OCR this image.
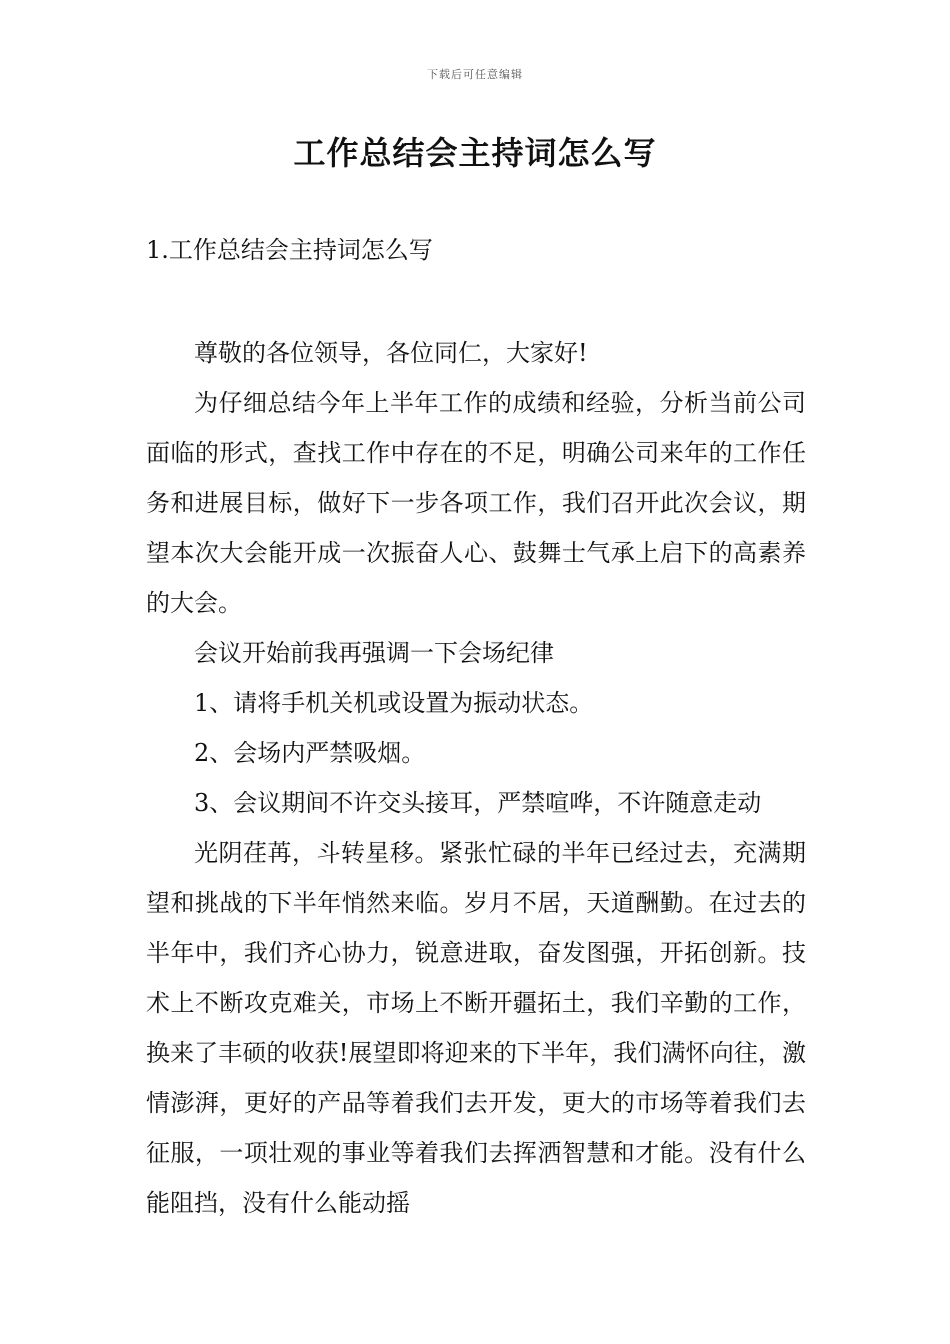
下载后可任意编辑
工作总结会主持词怎么写

1.工作总结会主持词怎么写

尊敬的各位领导，各位同仁，大家好!

为仔细总结今年上半年工作的成绩和经验，分析当前公司面临的形式，查找工作中存在的不足，明确公司来年的工作任务和进展目标，做好下一步各项工作，我们召开此次会议，期望本次大会能开成一次振奋人心、鼓舞士气承上启下的高素养的大会。

会议开始前我再强调一下会场纪律

1、请将手机关机或设置为振动状态。

2、会场内严禁吸烟。

3、会议期间不许交头接耳，严禁喧哗，不许随意走动

光阴荏苒，斗转星移。紧张忙碌的半年已经过去，充满期望和挑战的下半年悄然来临。岁月不居，天道酬勤。在过去的半年中，我们齐心协力，锐意进取，奋发图强，开拓创新。技术上不断攻克难关，市场上不断开疆拓土，我们辛勤的工作，换来了丰硕的收获!展望即将迎来的下半年，我们满怀向往，激情澎湃，更好的产品等着我们去开发，更大的市场等着我们去征服，一项壮观的事业等着我们去挥洒智慧和才能。没有什么能阻挡，没有什么能动摇
